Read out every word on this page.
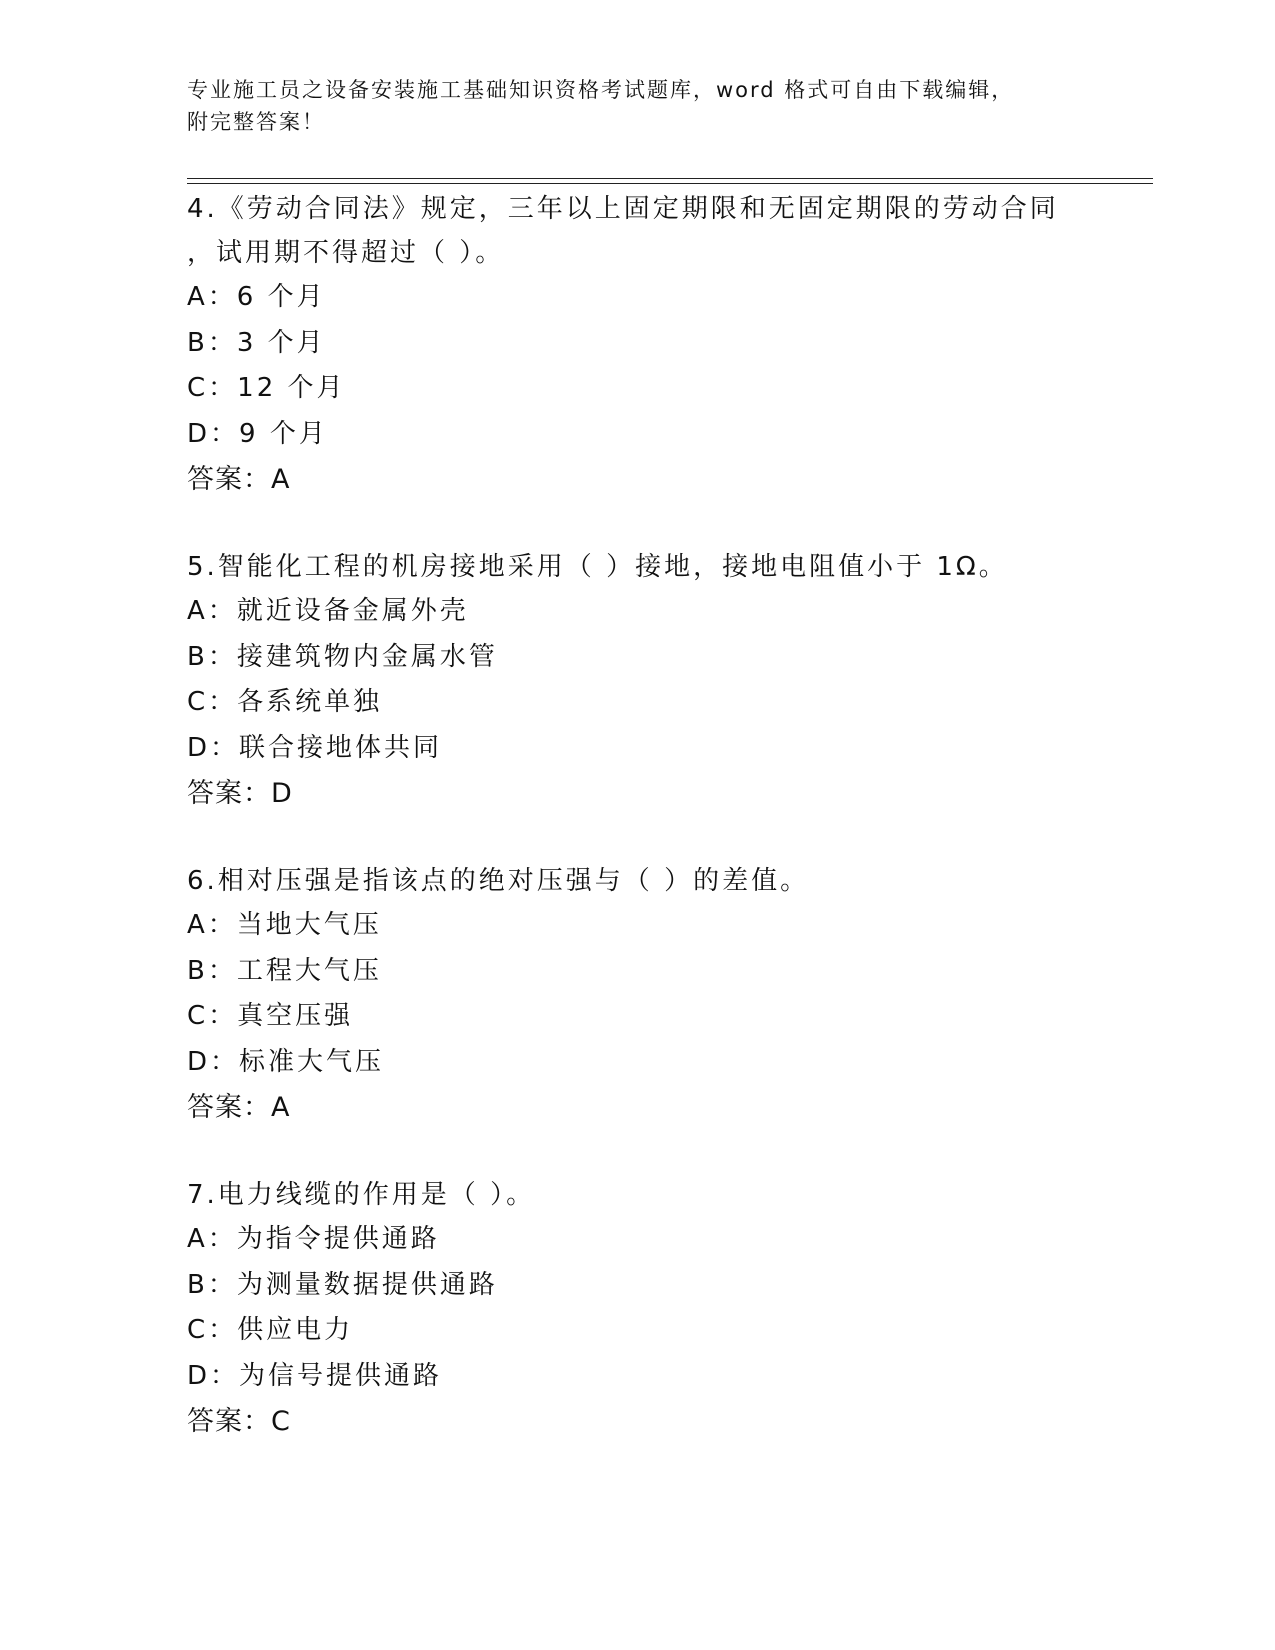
专业施工员之设备安装施工基础知识资格考试题库，word 格式可自由下载编辑，
附完整答案！
4.《劳动合同法》规定，三年以上固定期限和无固定期限的劳动合同
，试用期不得超过（ ）。
A：6 个月
B：3 个月
C：12 个月
D：9 个月
答案：A
5.智能化工程的机房接地采用（ ）接地，接地电阻值小于 1Ω。
A：就近设备金属外壳
B：接建筑物内金属水管
C：各系统单独
D：联合接地体共同
答案：D
6.相对压强是指该点的绝对压强与（ ）的差值。
A：当地大气压
B：工程大气压
C：真空压强
D：标准大气压
答案：A
7.电力线缆的作用是（ ）。
A：为指令提供通路
B：为测量数据提供通路
C：供应电力
D：为信号提供通路
答案：C
